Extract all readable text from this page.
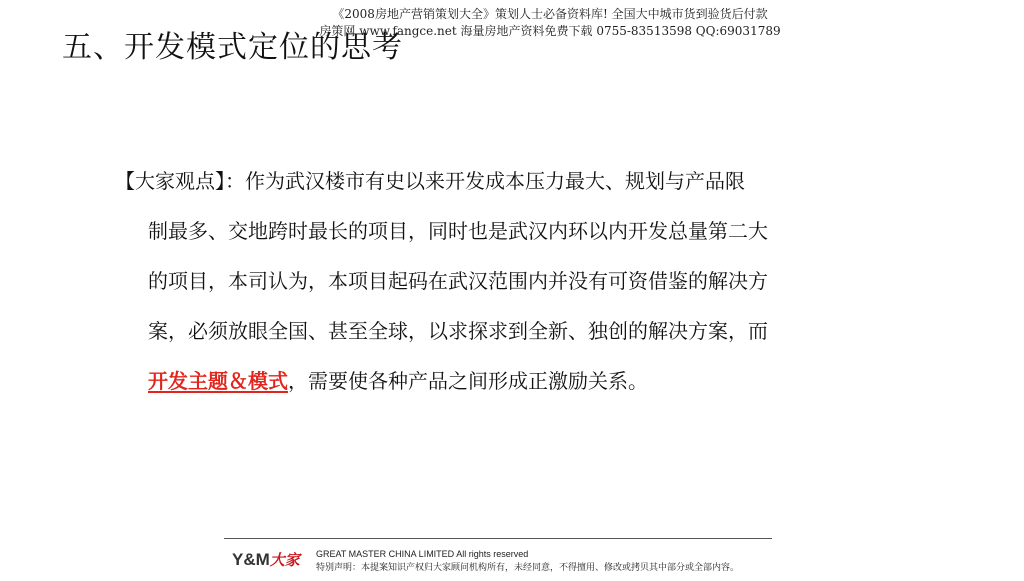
《2008房地产营销策划大全》策划人士必备资料库! 全国大中城市货到验货后付款
房策网 www.fangce.net 海量房地产资料免费下载 0755-83513598 QQ:69031789
五、开发模式定位的思考
【大家观点】：作为武汉楼市有史以来开发成本压力最大、规划与产品限
制最多、交地跨时最长的项目，同时也是武汉内环以内开发总量第二大
的项目，本司认为，本项目起码在武汉范围内并没有可资借鉴的解决方
案，必须放眼全国、甚至全球，以求探求到全新、独创的解决方案，而
开发主题＆模式，需要使各种产品之间形成正激励关系。
Y&M大家 GREAT MASTER CHINA LIMITED All rights reserved
特别声明：本提案知识产权归大家顾问机构所有，未经同意，不得擅用、修改或拷贝其中部分或全部内容。
